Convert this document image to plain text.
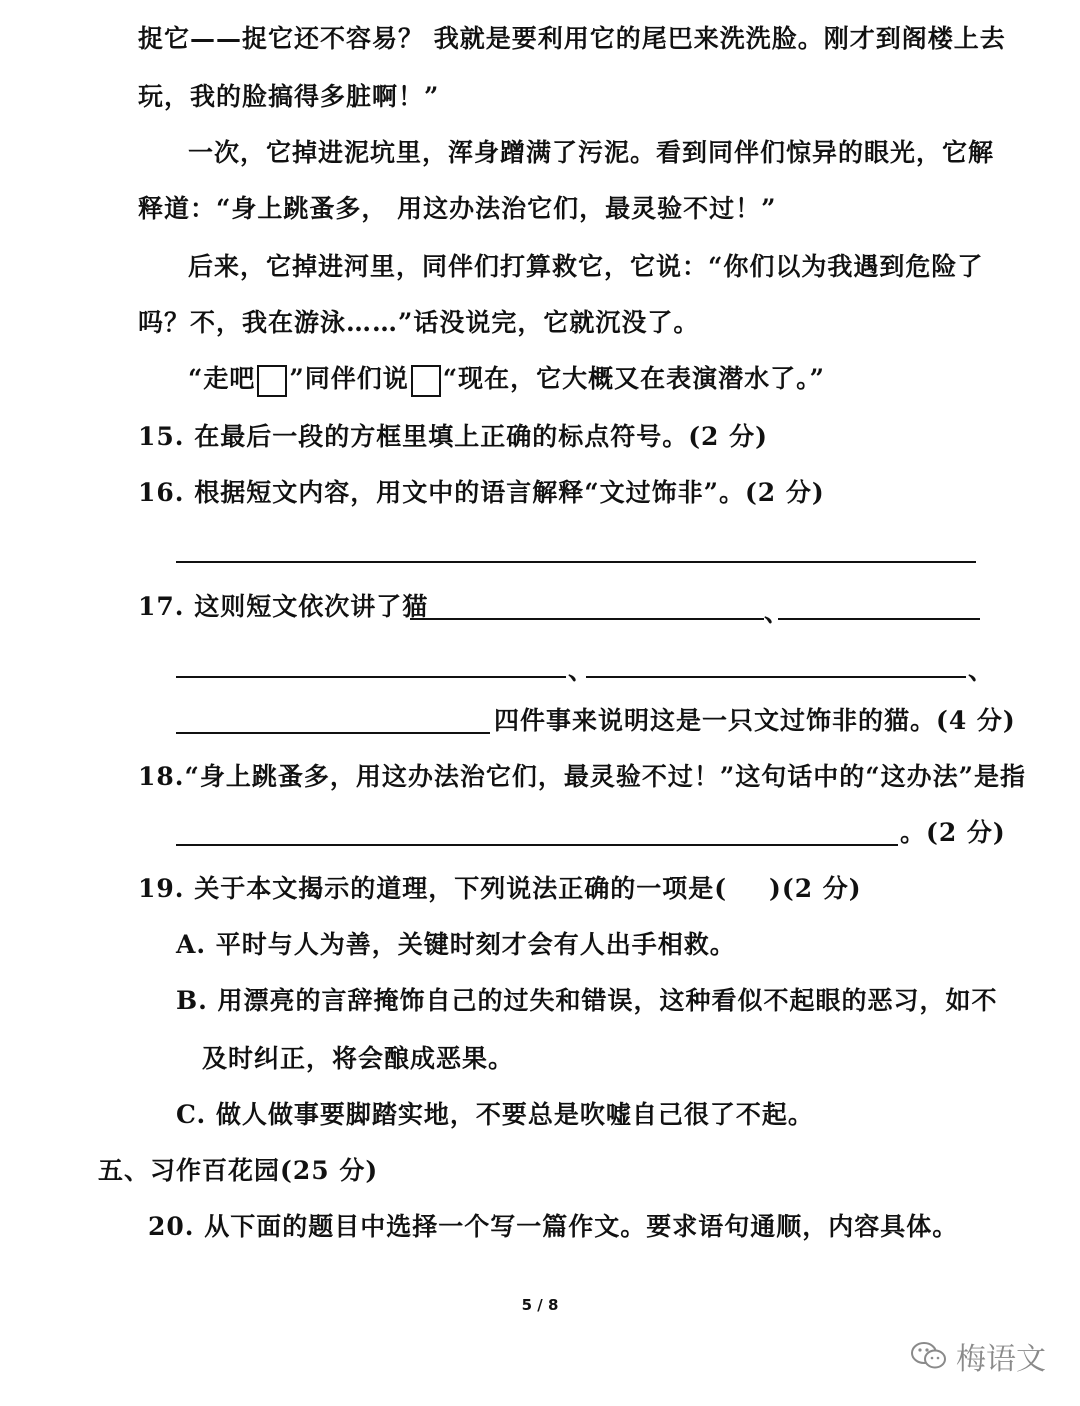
捉它——捉它还不容易？ 我就是要利用它的尾巴来洗洗脸。刚才到阁楼上去
玩，我的脸搞得多脏啊！”
一次，它掉进泥坑里，浑身蹭满了污泥。看到同伴们惊异的眼光，它解
释道：“身上跳蚤多， 用这办法治它们，最灵验不过！”
后来，它掉进河里，同伴们打算救它，它说：“你们以为我遇到危险了
吗？不，我在游泳……”话没说完，它就沉没了。
“走吧 ”同伴们说 “现在，它大概又在表演潜水了。”
15. 在最后一段的方框里填上正确的标点符号。(2 分)
16. 根据短文内容，用文中的语言解释“文过饰非”。(2 分)
17. 这则短文依次讲了猫	、
、	、
四件事来说明这是一只文过饰非的猫。(4 分)
18.“身上跳蚤多，用这办法治它们，最灵验不过！”这句话中的“这办法”是指
。(2 分)
19. 关于本文揭示的道理，下列说法正确的一项是( )(2 分)
A. 平时与人为善，关键时刻才会有人出手相救。
B. 用漂亮的言辞掩饰自己的过失和错误，这种看似不起眼的恶习，如不
及时纠正，将会酿成恶果。
C. 做人做事要脚踏实地，不要总是吹嘘自己很了不起。
五、习作百花园(25 分)
20. 从下面的题目中选择一个写一篇作文。要求语句通顺，内容具体。
5 / 8
梅语文
